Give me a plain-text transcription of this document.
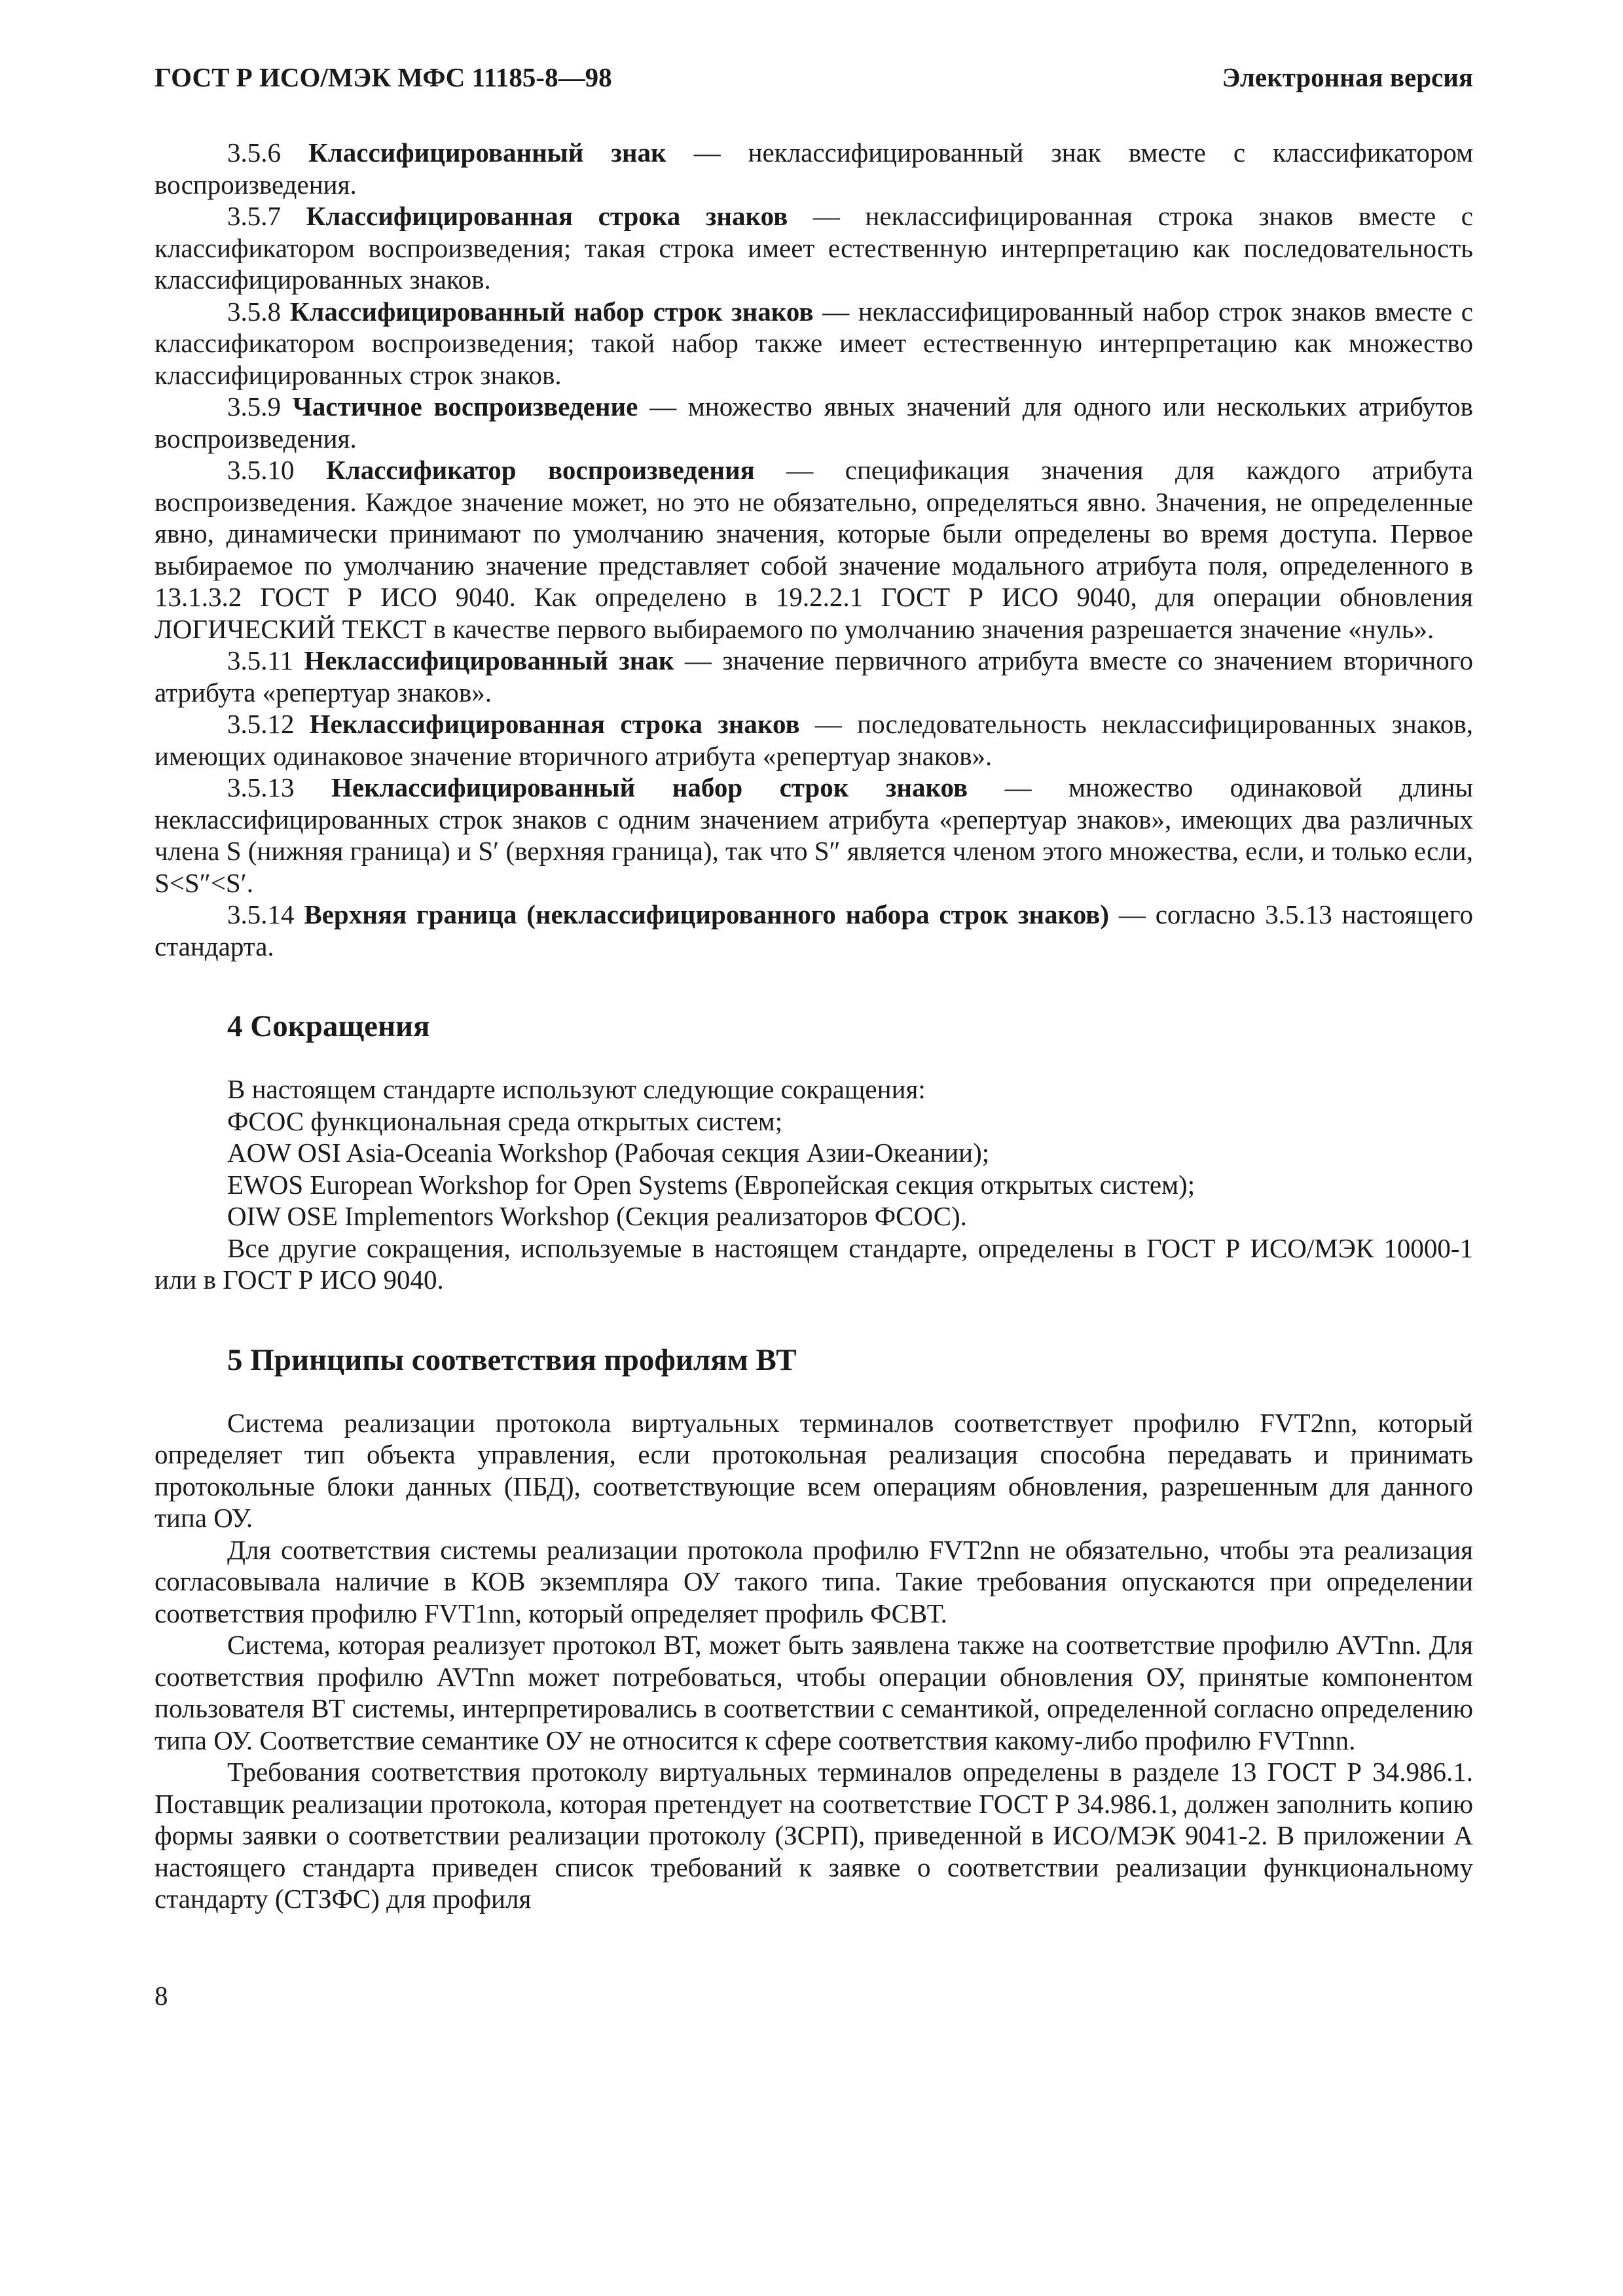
ГОСТ Р ИСО/МЭК МФС 11185-8—98	Электронная версия

3.5.6 Классифицированный знак — неклассифицированный знак вместе с классификатором воспроизведения.

3.5.7 Классифицированная строка знаков — неклассифицированная строка знаков вместе с классификатором воспроизведения; такая строка имеет естественную интерпретацию как последовательность классифицированных знаков.

3.5.8 Классифицированный набор строк знаков — неклассифицированный набор строк знаков вместе с классификатором воспроизведения; такой набор также имеет естественную интерпретацию как множество классифицированных строк знаков.

3.5.9 Частичное воспроизведение — множество явных значений для одного или нескольких атрибутов воспроизведения.

3.5.10 Классификатор воспроизведения — спецификация значения для каждого атрибута воспроизведения. Каждое значение может, но это не обязательно, определяться явно. Значения, не определенные явно, динамически принимают по умолчанию значения, которые были определены во время доступа. Первое выбираемое по умолчанию значение представляет собой значение модального атрибута поля, определенного в 13.1.3.2 ГОСТ Р ИСО 9040. Как определено в 19.2.2.1 ГОСТ Р ИСО 9040, для операции обновления ЛОГИЧЕСКИЙ ТЕКСТ в качестве первого выбираемого по умолчанию значения разрешается значение «нуль».

3.5.11 Неклассифицированный знак — значение первичного атрибута вместе со значением вторичного атрибута «репертуар знаков».

3.5.12 Неклассифицированная строка знаков — последовательность неклассифицированных знаков, имеющих одинаковое значение вторичного атрибута «репертуар знаков».

3.5.13 Неклассифицированный набор строк знаков — множество одинаковой длины неклассифицированных строк знаков с одним значением атрибута «репертуар знаков», имеющих два различных члена S (нижняя граница) и S′ (верхняя граница), так что S″ является членом этого множества, если, и только если, S<S″<S′.

3.5.14 Верхняя граница (неклассифицированного набора строк знаков) — согласно 3.5.13 настоящего стандарта.

4 Сокращения

В настоящем стандарте используют следующие сокращения:

ФСОС функциональная среда открытых систем;

AOW OSI Asia-Oceania Workshop (Рабочая секция Азии-Океании);

EWOS European Workshop for Open Systems (Европейская секция открытых систем);

OIW OSE Implementors Workshop (Секция реализаторов ФСОС).

Все другие сокращения, используемые в настоящем стандарте, определены в ГОСТ Р ИСО/МЭК 10000-1 или в ГОСТ Р ИСО 9040.

5 Принципы соответствия профилям ВТ

Система реализации протокола виртуальных терминалов соответствует профилю FVT2nn, который определяет тип объекта управления, если протокольная реализация способна передавать и принимать протокольные блоки данных (ПБД), соответствующие всем операциям обновления, разрешенным для данного типа ОУ.

Для соответствия системы реализации протокола профилю FVT2nn не обязательно, чтобы эта реализация согласовывала наличие в КОВ экземпляра ОУ такого типа. Такие требования опускаются при определении соответствия профилю FVT1nn, который определяет профиль ФСВТ.

Система, которая реализует протокол ВТ, может быть заявлена также на соответствие профилю AVTnn. Для соответствия профилю AVTnn может потребоваться, чтобы операции обновления ОУ, принятые компонентом пользователя ВТ системы, интерпретировались в соответствии с семантикой, определенной согласно определению типа ОУ. Соответствие семантике ОУ не относится к сфере соответствия какому-либо профилю FVTnnn.

Требования соответствия протоколу виртуальных терминалов определены в разделе 13 ГОСТ Р 34.986.1. Поставщик реализации протокола, которая претендует на соответствие ГОСТ Р 34.986.1, должен заполнить копию формы заявки о соответствии реализации протоколу (ЗСРП), приведенной в ИСО/МЭК 9041-2. В приложении А настоящего стандарта приведен список требований к заявке о соответствии реализации функциональному стандарту (СТЗФС) для профиля

8
